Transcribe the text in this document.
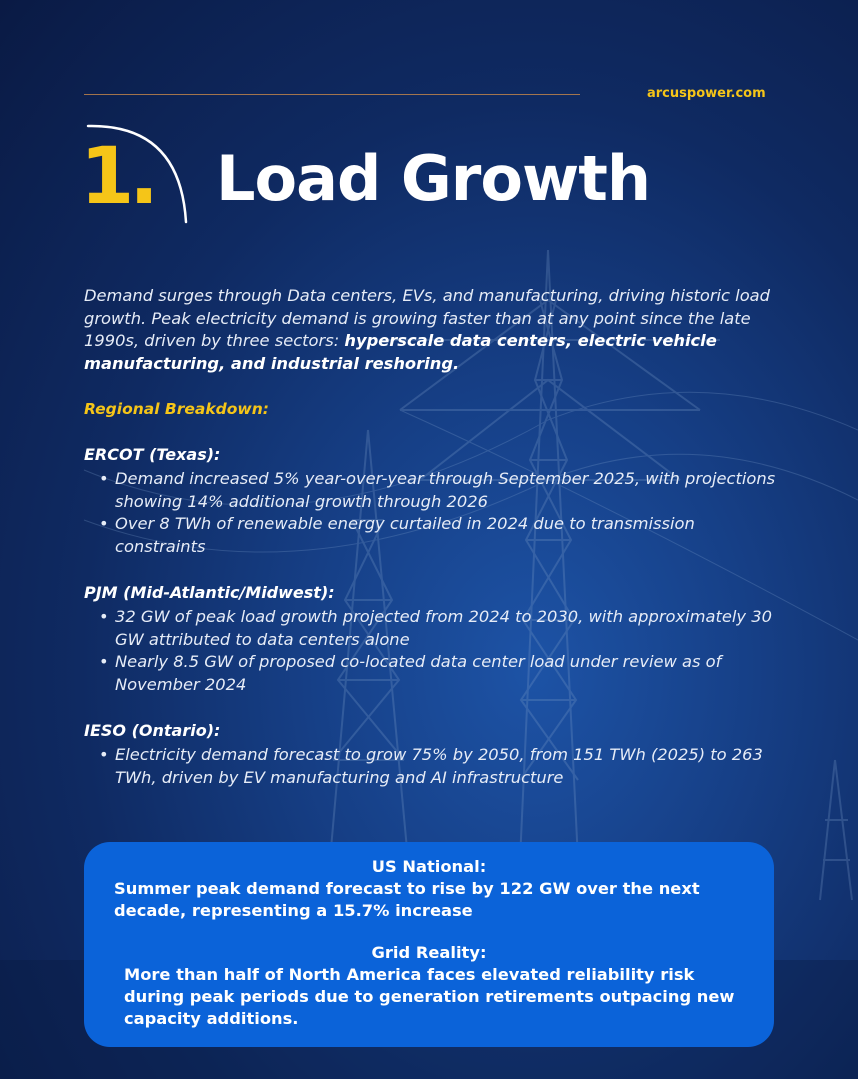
arcuspower.com
1. Load Growth
Demand surges through Data centers, EVs, and manufacturing, driving historic load growth. Peak electricity demand is growing faster than at any point since the late 1990s, driven by three sectors: hyperscale data centers, electric vehicle manufacturing, and industrial reshoring.
Regional Breakdown:
ERCOT (Texas):
• Demand increased 5% year-over-year through September 2025, with projections showing 14% additional growth through 2026
• Over 8 TWh of renewable energy curtailed in 2024 due to transmission constraints
PJM (Mid-Atlantic/Midwest):
• 32 GW of peak load growth projected from 2024 to 2030, with approximately 30 GW attributed to data centers alone
• Nearly 8.5 GW of proposed co-located data center load under review as of November 2024
IESO (Ontario):
• Electricity demand forecast to grow 75% by 2050, from 151 TWh (2025) to 263 TWh, driven by EV manufacturing and AI infrastructure
US National:
Summer peak demand forecast to rise by 122 GW over the next decade, representing a 15.7% increase
Grid Reality:
More than half of North America faces elevated reliability risk during peak periods due to generation retirements outpacing new capacity additions.
